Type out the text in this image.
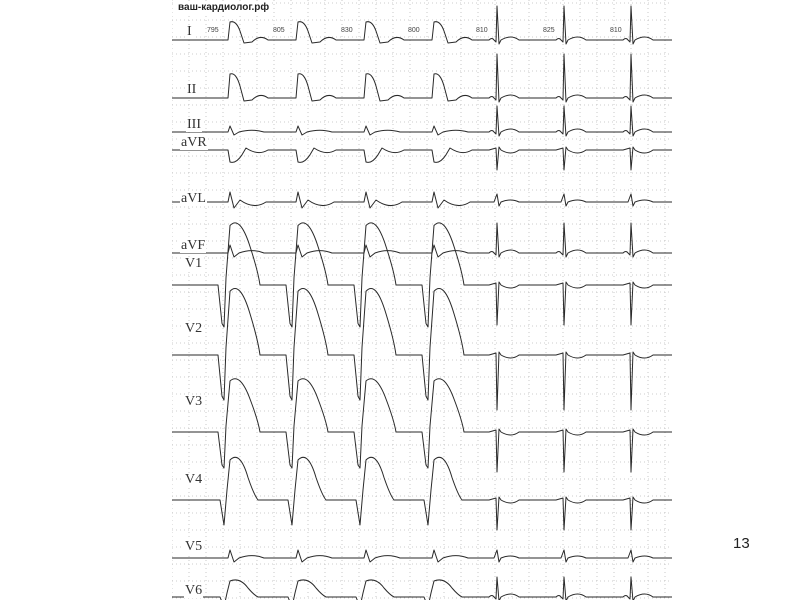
ваш-кардиолог.рф
795	805	830	800	810	825	810
I
II
III
aVR
aVL
aVF
V1
V2
V3
V4
V5
V6
13
